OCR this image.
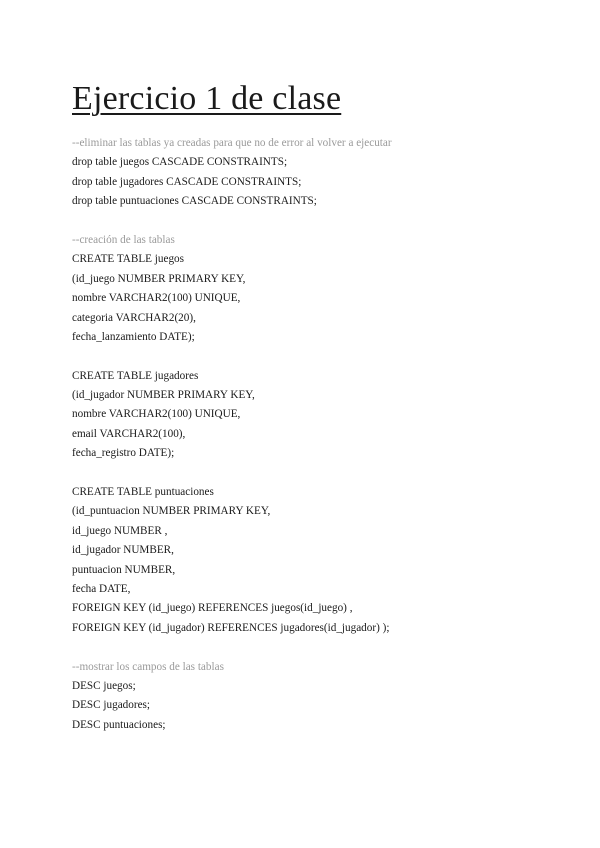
Ejercicio 1 de clase
--eliminar las tablas ya creadas para que no de error al volver a ejecutar
drop table juegos CASCADE CONSTRAINTS;
drop table jugadores CASCADE CONSTRAINTS;
drop table puntuaciones CASCADE CONSTRAINTS;
--creación de las tablas
CREATE TABLE juegos
(id_juego NUMBER PRIMARY KEY,
nombre VARCHAR2(100) UNIQUE,
categoria VARCHAR2(20),
fecha_lanzamiento DATE);
CREATE TABLE jugadores
(id_jugador NUMBER PRIMARY KEY,
nombre VARCHAR2(100) UNIQUE,
email VARCHAR2(100),
fecha_registro DATE);
CREATE TABLE puntuaciones
(id_puntuacion NUMBER PRIMARY KEY,
id_juego NUMBER ,
id_jugador NUMBER,
puntuacion NUMBER,
fecha DATE,
FOREIGN KEY (id_juego) REFERENCES juegos(id_juego) ,
FOREIGN KEY (id_jugador) REFERENCES jugadores(id_jugador) );
--mostrar los campos de las tablas
DESC juegos;
DESC jugadores;
DESC puntuaciones;
